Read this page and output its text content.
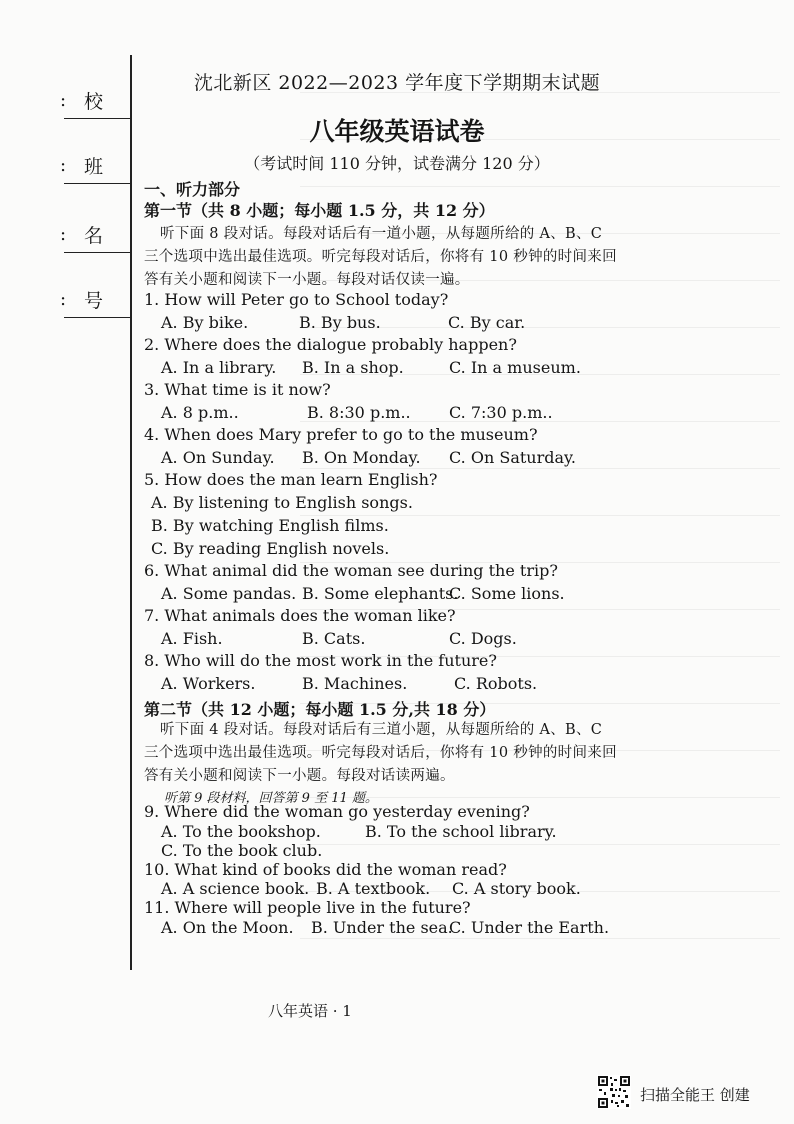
: 校
: 班
: 名
: 号
沈北新区 2022—2023 学年度下学期期末试题
八年级英语试卷
（考试时间 110 分钟，试卷满分 120 分）
一、听力部分
第一节（共 8 小题；每小题 1.5 分，共 12 分）
听下面 8 段对话。每段对话后有一道小题，从每题所给的 A、B、C
三个选项中选出最佳选项。听完每段对话后，你将有 10 秒钟的时间来回
答有关小题和阅读下一小题。每段对话仅读一遍。
1. How will Peter go to School today?
A. By bike.	B. By bus.	C. By car.
2. Where does the dialogue probably happen?
A. In a library. B. In a shop.	C. In a museum.
3. What time is it now?
A. 8 p.m..	B. 8:30 p.m.. C. 7:30 p.m..
4. When does Mary prefer to go to the museum?
A. On Sunday. B. On Monday. C. On Saturday.
5. How does the man learn English?
A. By listening to English songs.
B. By watching English films.
C. By reading English novels.
6. What animal did the woman see during the trip?
A. Some pandas. B. Some elephants.
C. Some lions.
7. What animals does the woman like?
A. Fish.	B. Cats.	C. Dogs.
8. Who will do the most work in the future?
A. Workers.	B. Machines.	C. Robots.
第二节（共 12 小题；每小题 1.5 分,共 18 分）
听下面 4 段对话。每段对话后有三道小题，从每题所给的 A、B、C
三个选项中选出最佳选项。听完每段对话后，你将有 10 秒钟的时间来回
答有关小题和阅读下一小题。每段对话读两遍。
听第 9 段材料，回答第 9 至 11 题。
9. Where did the woman go yesterday evening?
A. To the bookshop.	B. To the school library.
C. To the book club.
10. What kind of books did the woman read?
A. A science book. B. A textbook. C. A story book.
11. Where will people live in the future?
A. On the Moon. B. Under the sea.
C. Under the Earth.
八年英语 · 1
扫描全能王 创建
